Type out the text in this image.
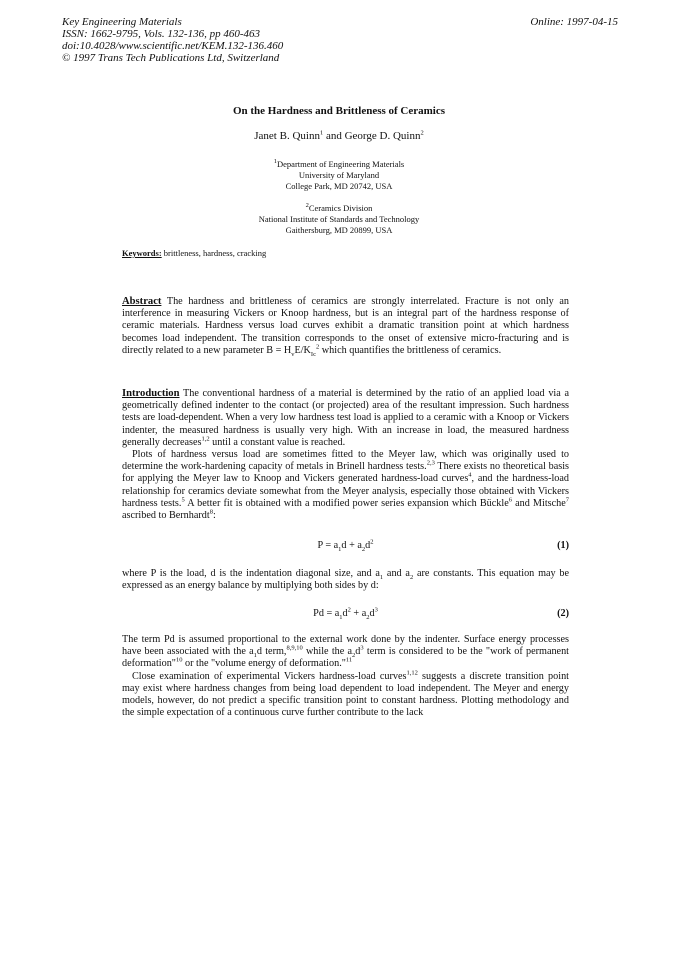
Key Engineering Materials
ISSN: 1662-9795, Vols. 132-136, pp 460-463
doi:10.4028/www.scientific.net/KEM.132-136.460
© 1997 Trans Tech Publications Ltd, Switzerland
Online: 1997-04-15
On the Hardness and Brittleness of Ceramics
Janet B. Quinn$^1$ and George D. Quinn$^2$
$^1$Department of Engineering Materials
University of Maryland
College Park, MD 20742, USA
$^2$Ceramics Division
National Institute of Standards and Technology
Gaithersburg, MD 20899, USA
Keywords: brittleness, hardness, cracking

Abstract The hardness and brittleness of ceramics are strongly interrelated. Fracture is not only an interference in measuring Vickers or Knoop hardness, but is an integral part of the hardness response of ceramic materials. Hardness versus load curves exhibit a dramatic transition point at which hardness becomes load independent. The transition corresponds to the onset of extensive micro-fracturing and is directly related to a new parameter $B = H_vE/K_{Ic}^2$ which quantifies the brittleness of ceramics.

Introduction The conventional hardness of a material is determined by the ratio of an applied load via a geometrically defined indenter to the contact (or projected) area of the resultant impression. Such hardness tests are load-dependent. When a very low hardness test load is applied to a ceramic with a Knoop or Vickers indenter, the measured hardness is usually very high. With an increase in load, the measured hardness generally decreases$^{1,2}$ until a constant value is reached.

Plots of hardness versus load are sometimes fitted to the Meyer law, which was originally used to determine the work-hardening capacity of metals in Brinell hardness tests.$^{2,3}$ There exists no theoretical basis for applying the Meyer law to Knoop and Vickers generated hardness-load curves$^4$, and the hardness-load relationship for ceramics deviate somewhat from the Meyer analysis, especially those obtained with Vickers hardness tests.$^5$ A better fit is obtained with a modified power series expansion which Bückle$^6$ and Mitsche$^7$ ascribed to Bernhardt$^8$:

$P = a_1d + a_2d^2$	(1)

where P is the load, d is the indentation diagonal size, and $a_1$ and $a_2$ are constants. This equation may be expressed as an energy balance by multiplying both sides by d:

$Pd = a_1d^2 + a_2d^3$	(2)

The term Pd is assumed proportional to the external work done by the indenter. Surface energy processes have been associated with the $a_1d$ term,$^{8,9,10}$ while the $a_2d^3$ term is considered to be the "work of permanent deformation"$^{10}$ or the "volume energy of deformation."$^{11}$

Close examination of experimental Vickers hardness-load curves$^{1,12}$ suggests a discrete transition point may exist where hardness changes from being load dependent to load independent. The Meyer and energy models, however, do not predict a specific transition point to constant hardness. Plotting methodology and the simple expectation of a continuous curve further contribute to the lack
